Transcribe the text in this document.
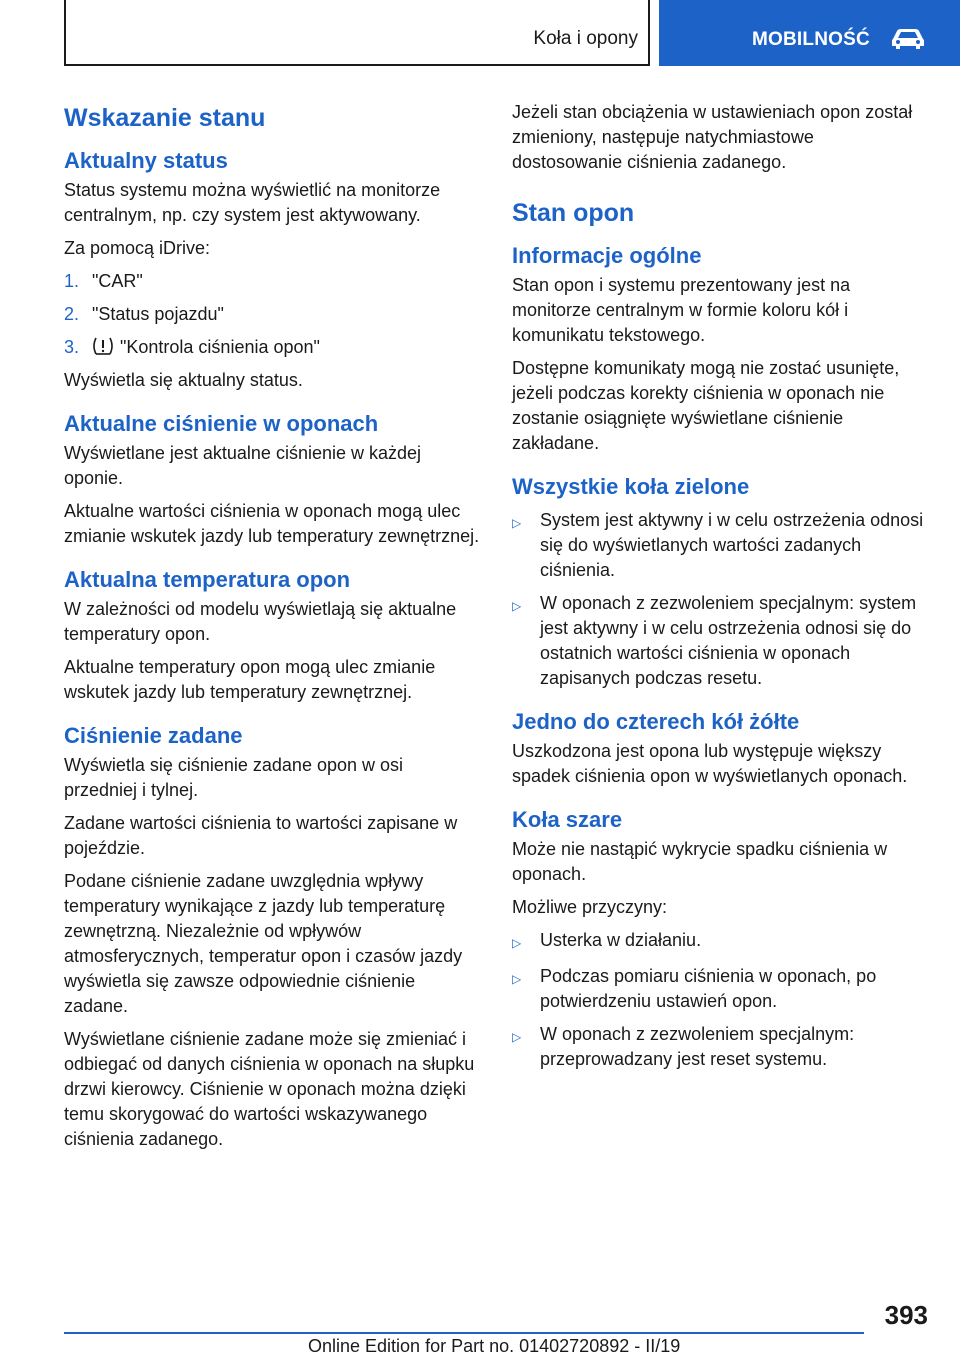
Koła i opony	MOBILNOŚĆ
Wskazanie stanu
Aktualny status

Status systemu można wyświetlić na monitorze centralnym, np. czy system jest aktywowany.

Za pomocą iDrive:

1. "CAR"
2. "Status pojazdu"
3.	"Kontrola ciśnienia opon"

Wyświetla się aktualny status.

Aktualne ciśnienie w oponach

Wyświetlane jest aktualne ciśnienie w każdej oponie.

Aktualne wartości ciśnienia w oponach mogą ulec zmianie wskutek jazdy lub temperatury zewnętrznej.

Aktualna temperatura opon

W zależności od modelu wyświetlają się aktualne temperatury opon.

Aktualne temperatury opon mogą ulec zmianie wskutek jazdy lub temperatury zewnętrznej.

Ciśnienie zadane

Wyświetla się ciśnienie zadane opon w osi przedniej i tylnej.

Zadane wartości ciśnienia to wartości zapisane w pojeździe.

Podane ciśnienie zadane uwzględnia wpływy temperatury wynikające z jazdy lub temperaturę zewnętrzną. Niezależnie od wpływów atmosferycznych, temperatur opon i czasów jazdy wyświetla się zawsze odpowiednie ciśnienie zadane.

Wyświetlane ciśnienie zadane może się zmieniać i odbiegać od danych ciśnienia w oponach na słupku drzwi kierowcy. Ciśnienie w oponach można dzięki temu skorygować do wartości wskazywanego ciśnienia zadanego.

Jeżeli stan obciążenia w ustawieniach opon został zmieniony, następuje natychmiastowe dostosowanie ciśnienia zadanego.

Stan opon
Informacje ogólne

Stan opon i systemu prezentowany jest na monitorze centralnym w formie koloru kół i komunikatu tekstowego.

Dostępne komunikaty mogą nie zostać usunięte, jeżeli podczas korekty ciśnienia w oponach nie zostanie osiągnięte wyświetlane ciśnienie zakładane.

Wszystkie koła zielone
▷	System jest aktywny i w celu ostrzeżenia odnosi się do wyświetlanych wartości zadanych ciśnienia.
▷	W oponach z zezwoleniem specjalnym: system jest aktywny i w celu ostrzeżenia odnosi się do ostatnich wartości ciśnienia w oponach zapisanych podczas resetu.
Jedno do czterech kół żółte

Uszkodzona jest opona lub występuje większy spadek ciśnienia opon w wyświetlanych oponach.

Koła szare

Może nie nastąpić wykrycie spadku ciśnienia w oponach.

Możliwe przyczyny:

▷	Usterka w działaniu.
▷	Podczas pomiaru ciśnienia w oponach, po potwierdzeniu ustawień opon.
▷	W oponach z zezwoleniem specjalnym: przeprowadzany jest reset systemu.
393
Online Edition for Part no. 01402720892 - II/19
